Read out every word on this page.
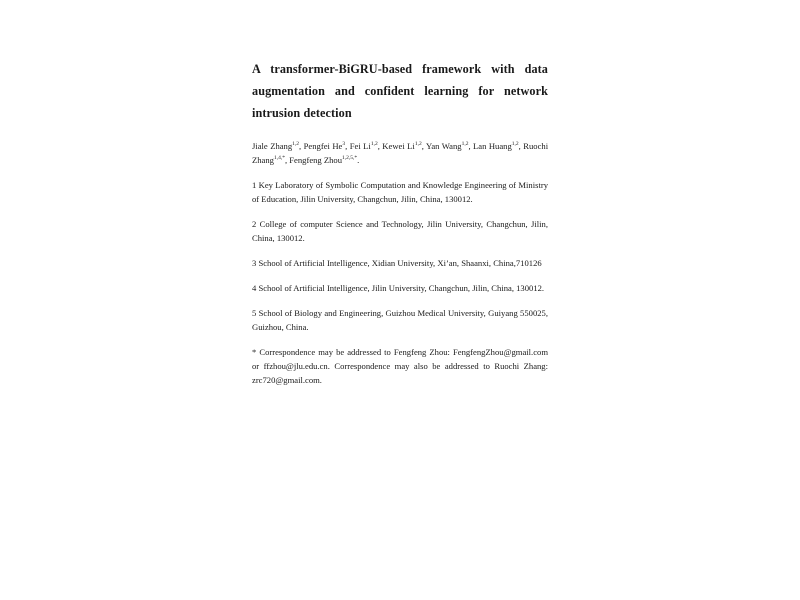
A transformer-BiGRU-based framework with data augmentation and confident learning for network intrusion detection
Jiale Zhang$^{1,2}$, Pengfei He$^3$, Fei Li$^{1,2}$, Kewei Li$^{1,2}$, Yan Wang$^{1,2}$, Lan Huang$^{1,2}$, Ruochi Zhang$^{1,4,*}$, Fengfeng Zhou$^{1,2,5,*}$.
1 Key Laboratory of Symbolic Computation and Knowledge Engineering of Ministry of Education, Jilin University, Changchun, Jilin, China, 130012.
2 College of computer Science and Technology, Jilin University, Changchun, Jilin, China, 130012.
3 School of Artificial Intelligence, Xidian University, Xi’an, Shaanxi, China,710126
4 School of Artificial Intelligence, Jilin University, Changchun, Jilin, China, 130012.
5 School of Biology and Engineering, Guizhou Medical University, Guiyang 550025, Guizhou, China.
* Correspondence may be addressed to Fengfeng Zhou: FengfengZhou@gmail.com or ffzhou@jlu.edu.cn. Correspondence may also be addressed to Ruochi Zhang: zrc720@gmail.com.
